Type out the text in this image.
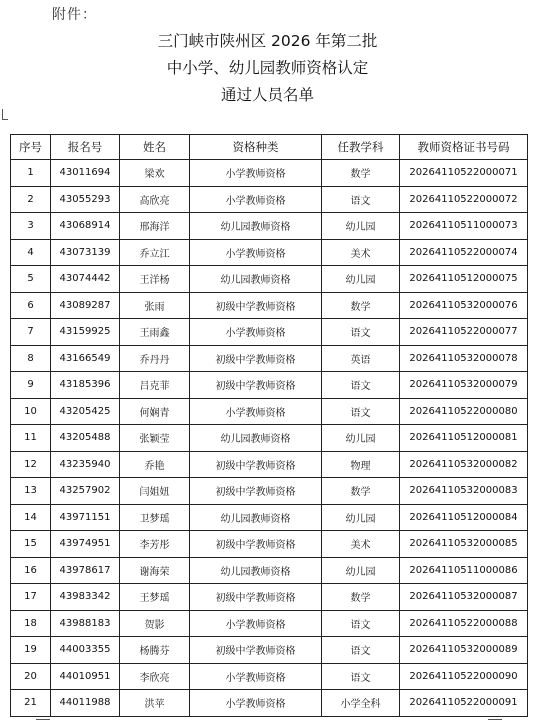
附件：
三门峡市陕州区 2026 年第二批
中小学、幼儿园教师资格认定
通过人员名单
序号	报名号	姓名	资格种类	任教学科	教师资格证书号码
1	43011694	梁欢	小学教师资格	数学	20264110522000071
2	43055293	高欣亮	小学教师资格	语文	20264110522000072
3	43068914	邢海洋	幼儿园教师资格	幼儿园	20264110511000073
4	43073139	乔立江	小学教师资格	美术	20264110522000074
5	43074442	王洋杨	幼儿园教师资格	幼儿园	20264110512000075
6	43089287	张雨	初级中学教师资格	数学	20264110532000076
7	43159925	王雨鑫	小学教师资格	语文	20264110522000077
8	43166549	乔丹丹	初级中学教师资格	英语	20264110532000078
9	43185396	吕克菲	初级中学教师资格	语文	20264110532000079
10	43205425	何娴青	小学教师资格	语文	20264110522000080
11	43205488	张颖莹	幼儿园教师资格	幼儿园	20264110512000081
12	43235940	乔艳	初级中学教师资格	物理	20264110532000082
13	43257902	闫姐妞	初级中学教师资格	数学	20264110532000083
14	43971151	卫梦瑶	幼儿园教师资格	幼儿园	20264110512000084
15	43974951	李芳彤	初级中学教师资格	美术	20264110532000085
16	43978617	谢海荣	幼儿园教师资格	幼儿园	20264110511000086
17	43983342	王梦瑶	初级中学教师资格	数学	20264110532000087
18	43988183	贺影	小学教师资格	语文	20264110522000088
19	44003355	杨腾芬	初级中学教师资格	语文	20264110532000089
20	44010951	李欣亮	小学教师资格	语文	20264110522000090
21	44011988	洪苹	小学教师资格	小学全科	20264110522000091
